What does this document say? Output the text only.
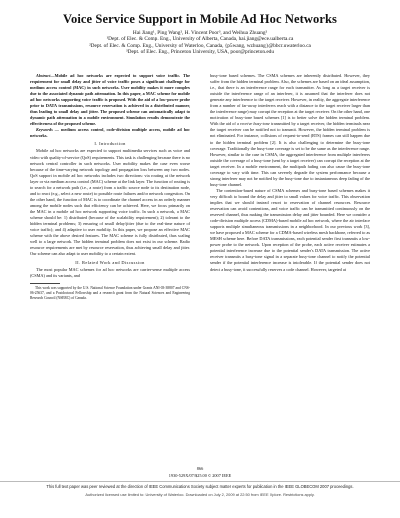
Voice Service Support in Mobile Ad Hoc Networks
Hai Jiang¹, Ping Wang², H. Vincent Poor³, and Weihua Zhuang²
¹Dept. of Elec. & Comp. Eng., University of Alberta, Canada, hai.jiang@ece.ualberta.ca
²Dept. of Elec. & Comp. Eng., University of Waterloo, Canada, {p5wang, wzhuang}@bbcr.uwaterloo.ca
³Dept. of Elec. Eng., Princeton University, USA, poor@princeton.edu

Abstract—Mobile ad hoc networks are expected to support voice traffic. The requirement for small delay and jitter of voice traffic poses a significant challenge for medium access control (MAC) in such networks. User mobility makes it more complex due to the associated dynamic path attenuation. In this paper, a MAC scheme for mobile ad hoc networks supporting voice traffic is proposed. With the aid of a low-power probe prior to DATA transmissions, resource reservation is achieved in a distributed manner, thus leading to small delay and jitter. The proposed scheme can automatically adapt to dynamic path attenuation in a mobile environment. Simulation results demonstrate the effectiveness of the proposed scheme.

Keywords — medium access control, code-division multiple access, mobile ad hoc networks.

I. Introduction

Mobile ad hoc networks are expected to support multimedia services such as voice and video with quality-of-service (QoS) requirements. This task is challenging because there is no network central controller in such networks. User mobility makes the case even worse because of the time-varying network topology and propagation loss between any two nodes. QoS support in mobile ad hoc networks includes two directions: via routing at the network layer or via medium access control (MAC) scheme at the link layer. The function of routing is to search for a network path (i.e., a route) from a traffic source node to its destination node, and to react (e.g., select a new route) to possible route failures and/or network congestion. On the other hand, the function of MAC is to coordinate the channel access in an orderly manner among the mobile nodes such that efficiency can be achieved. Here, we focus primarily on the MAC in a mobile ad hoc network supporting voice traffic. In such a network, a MAC scheme should be: 1) distributed (because of the scalability requirement); 2) tolerant to the hidden terminal problems; 3) ensuring of small delay/jitter (due to the real-time nature of voice traffic); and 4) adaptive to user mobility. In this paper, we propose an effective MAC scheme with the above desired features. The MAC scheme is fully distributed, thus scaling well to a large network. The hidden terminal problem does not exist in our scheme. Radio resource requirements are met by resource reservation, thus achieving small delay and jitter. Our scheme can also adapt to user mobility to a certain extent.

II. Related Work and Discussion

The most popular MAC schemes for ad hoc networks are carrier-sense multiple access (CSMA) and its variants, and

This work was supported by the U.S. National Science Foundation under Grants ANI-03-38807 and CNS-06-25637, and a Postdoctoral Fellowship and a research grant from the Natural Sciences and Engineering Research Council (NSERC) of Canada.

busy-tone based schemes. The CSMA schemes are inherently distributed. However, they suffer from the hidden terminal problem. Also, the schemes are based on an ideal assumption, i.e., that there is an interference range for each transmitter. As long as a target receiver is outside the interference range of an interferer, it is assumed that the interferer does not generate any interference to the target receiver. However, in reality, the aggregate interference from a number of far-away interferers reach with a distance to the target receiver larger than the interference range) may corrupt the reception at the target receiver. On the other hand, one motivation of busy-tone based schemes [1] is to better solve the hidden terminal problem. With the aid of a receive busy-tone transmitted by a target receiver, the hidden terminals near the target receiver can be notified not to transmit. However, the hidden terminal problem is not eliminated. For instance, collisions of request-to-send (RTS) frames can still happen due to the hidden terminal problem [2]. It is also challenging to determine the busy-tone coverage. Traditionally the busy-tone coverage is set to be the same as the interference range. However, similar to the case in CSMA, the aggregated interference from multiple interferers outside the coverage of a busy-tone (sent by a target receiver) can corrupt the reception at the target receiver. In a mobile environment, the multipath fading can also cause the busy-tone coverage to vary with time. This can severely degrade the system performance because a strong interferer may not be notified by the busy-tone due to instantaneous deep fading of the busy-tone channel.

The contention-based nature of CSMA schemes and busy-tone based schemes makes it very difficult to bound the delay and jitter to small values for voice traffic. This observation implies that we should instead resort to reservation of channel resources. Resource reservation can avoid contentions, and voice traffic can be transmitted continuously on the reserved channel, thus making the transmission delay and jitter bounded. Here we consider a code-division multiple access (CDMA)-based mobile ad hoc network, where the air interface supports multiple simultaneous transmissions in a neighborhood. In our previous work [3], we have proposed a MAC scheme for a CDMA-based wireless mesh backbone, referred to as MESH scheme here. Before DATA transmissions, each potential sender first transmits a low-power probe to the network. Upon reception of the probe, each active receiver estimates a potential interference increase due to the potential sender's DATA transmission. The active receiver transmits a busy-tone signal in a separate busy-tone channel to notify the potential sender if the potential interference increase is intolerable. If the potential sender does not detect a busy-tone, it successfully reserves a code channel. However, targeted at

866
1930-529X/07/$25.00 © 2007 IEEE
This full text paper was peer reviewed at the direction of IEEE Communications Society subject matter experts for publication in the IEEE GLOBECOM 2007 proceedings.
Authorized licensed use limited to: University of Waterloo. Downloaded on July 2, 2009 at 22:50 from IEEE Xplore. Restrictions apply.
